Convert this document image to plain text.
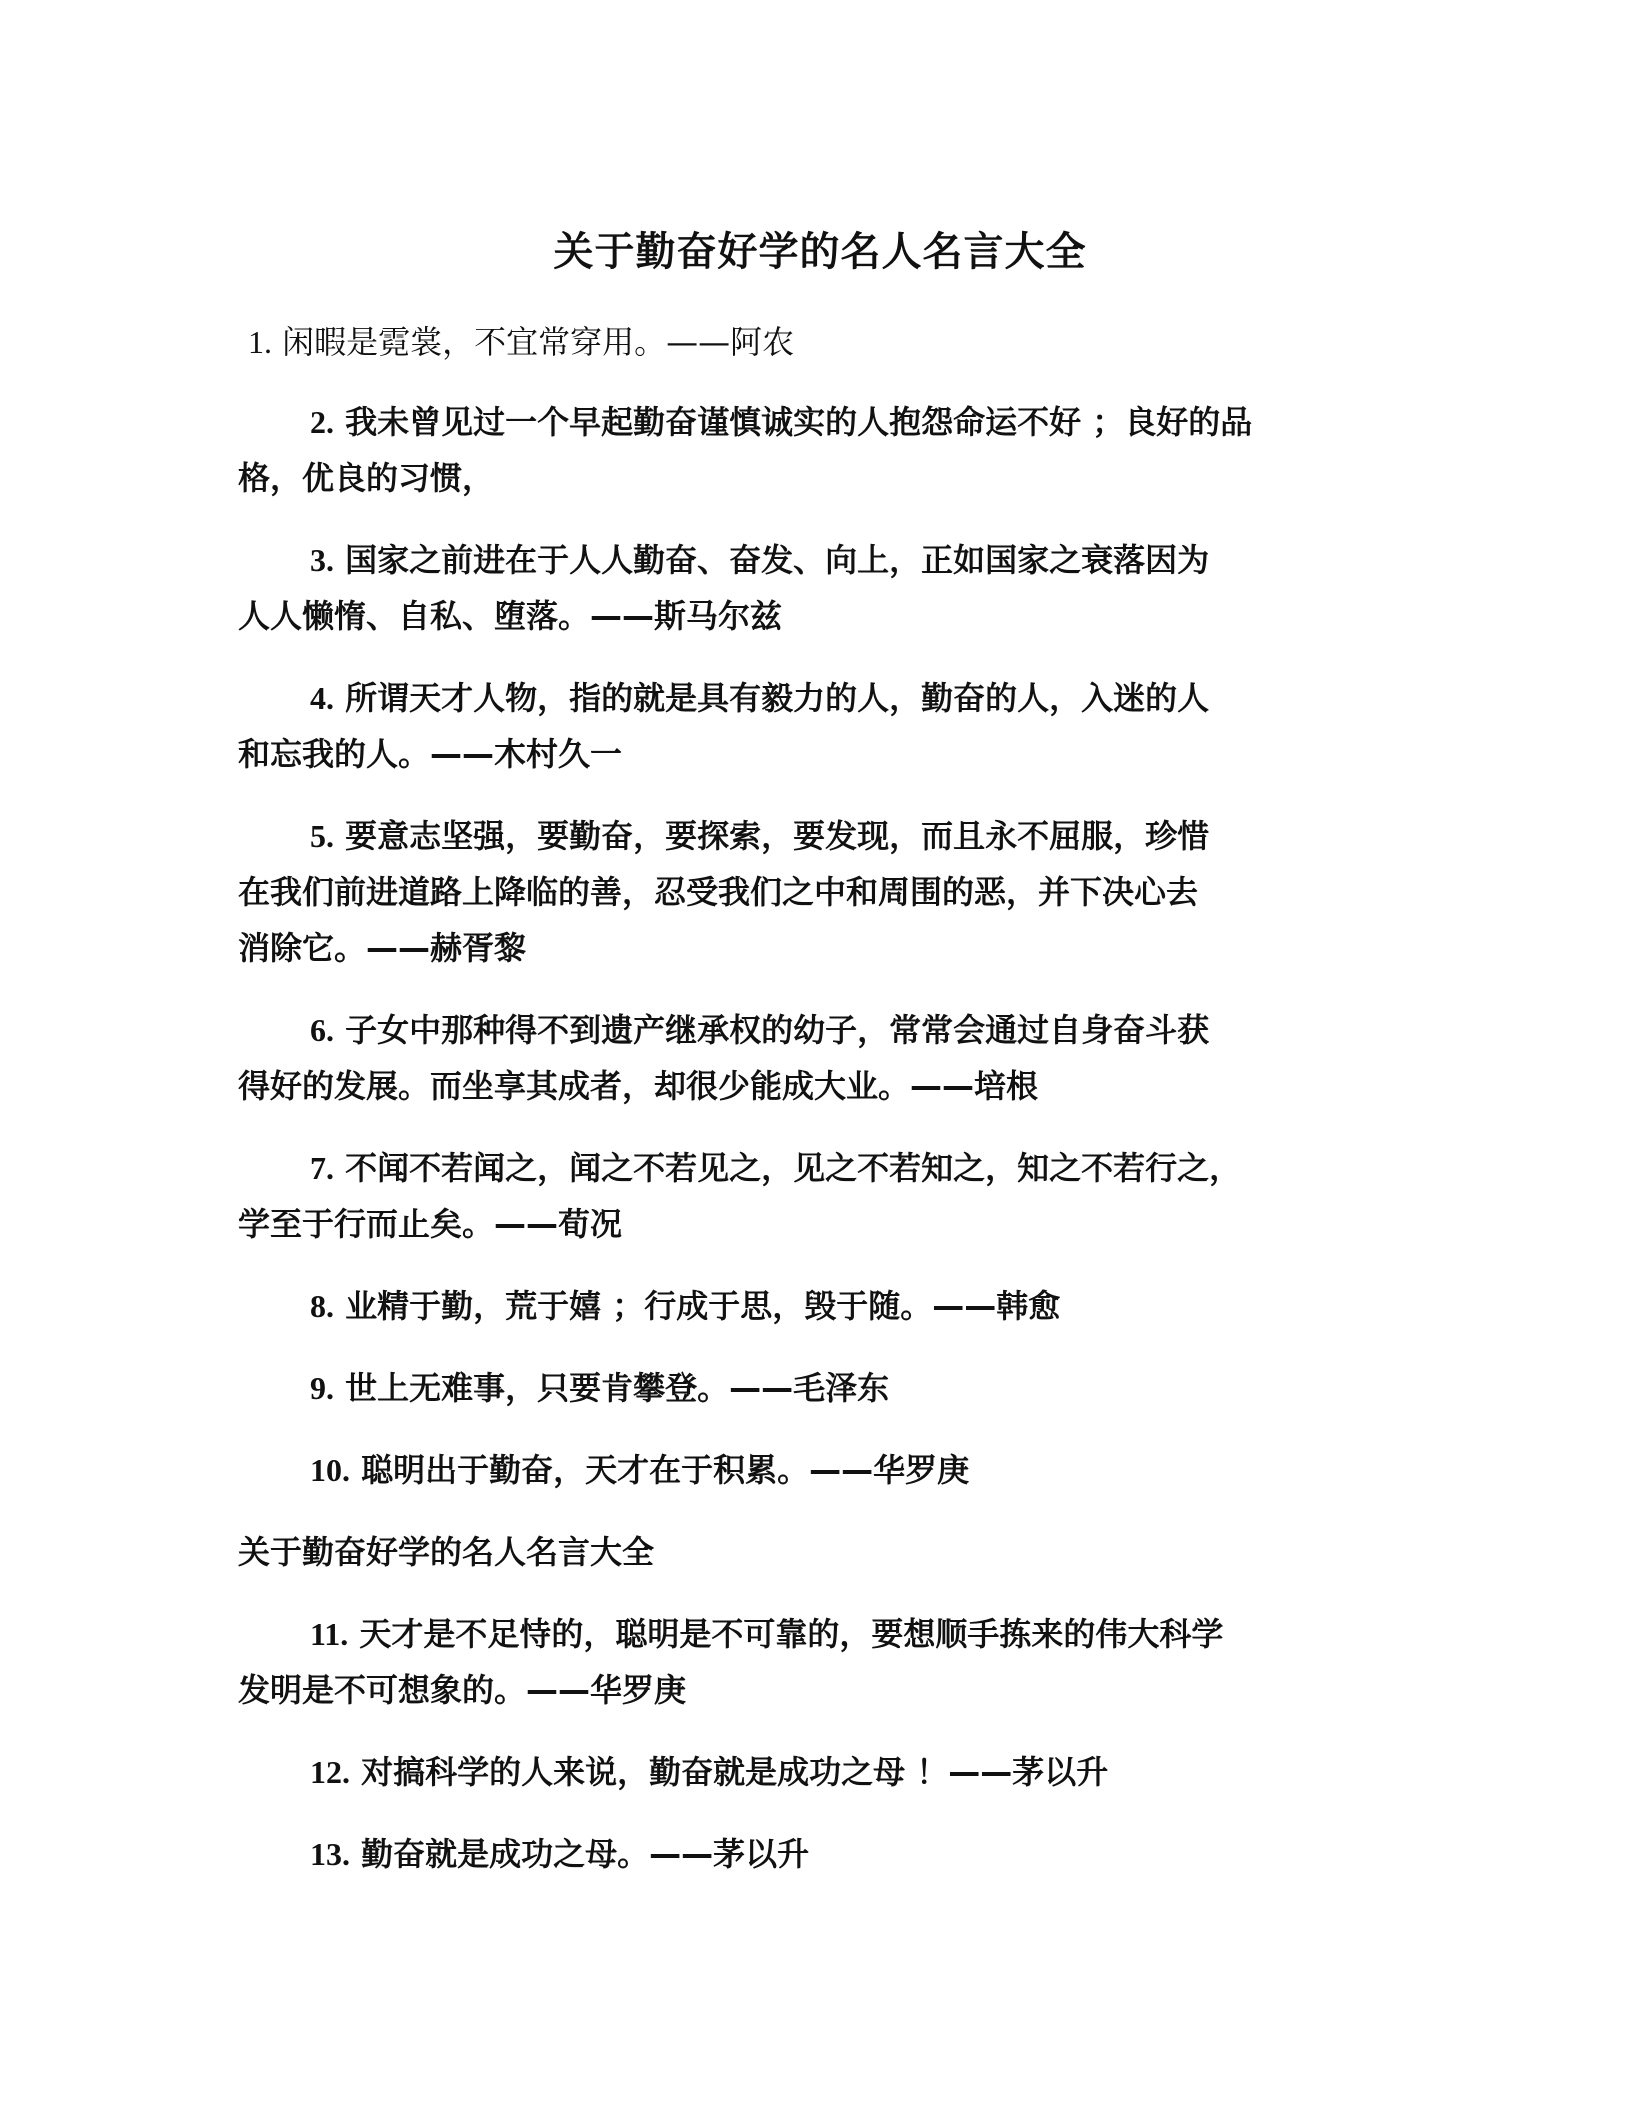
关于勤奋好学的名人名言大全
1. 闲暇是霓裳，不宜常穿用。——阿农
2. 我未曾见过一个早起勤奋谨慎诚实的人抱怨命运不好 ；良好的品
格，优良的习惯，
3. 国家之前进在于人人勤奋、奋发、向上，正如国家之衰落因为
人人懒惰、自私、堕落。——斯马尔兹
4. 所谓天才人物，指的就是具有毅力的人，勤奋的人，入迷的人
和忘我的人。——木村久一
5. 要意志坚强，要勤奋，要探索，要发现，而且永不屈服，珍惜
在我们前进道路上降临的善，忍受我们之中和周围的恶，并下决心去
消除它。——赫胥黎
6. 子女中那种得不到遗产继承权的幼子，常常会通过自身奋斗获
得好的发展。而坐享其成者，却很少能成大业。——培根
7. 不闻不若闻之，闻之不若见之，见之不若知之，知之不若行之，
学至于行而止矣。——荀况
8. 业精于勤，荒于嬉 ；行成于思，毁于随。——韩愈
9. 世上无难事，只要肯攀登。——毛泽东
10. 聪明出于勤奋，天才在于积累。——华罗庚
关于勤奋好学的名人名言大全
11. 天才是不足恃的，聪明是不可靠的，要想顺手拣来的伟大科学
发明是不可想象的。——华罗庚
12. 对搞科学的人来说，勤奋就是成功之母 ！——茅以升
13. 勤奋就是成功之母。——茅以升
